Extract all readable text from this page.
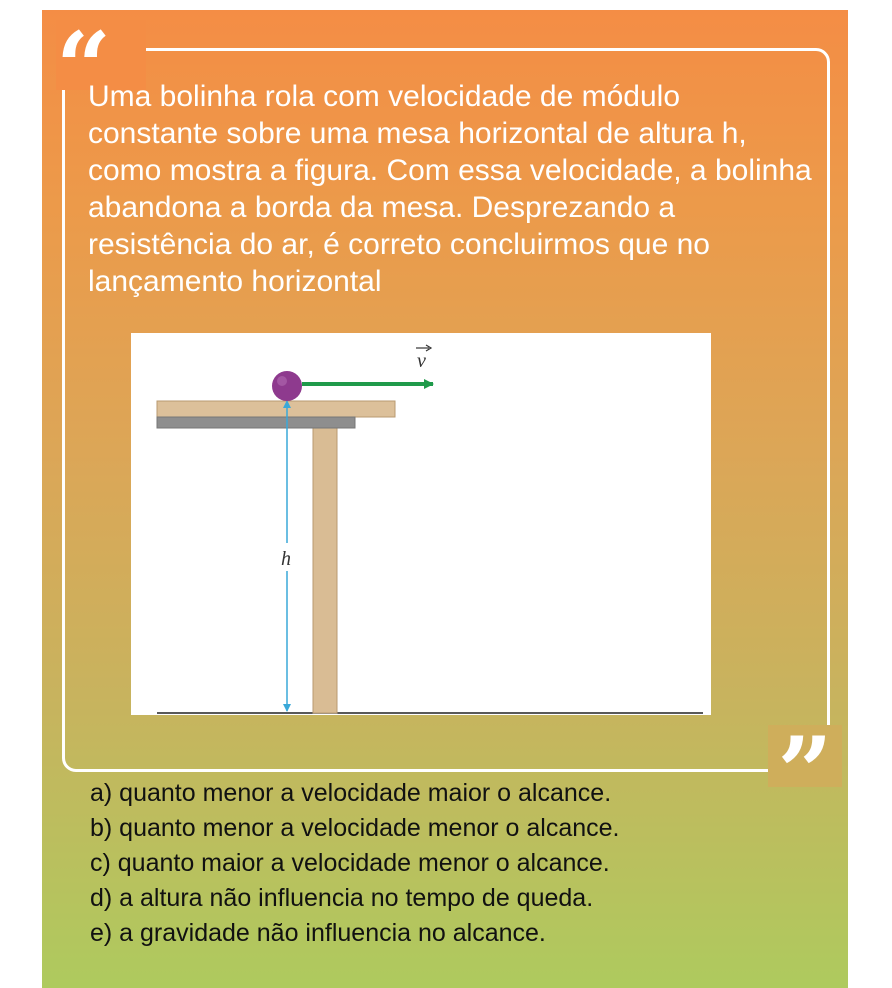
“
”
Uma bolinha rola com velocidade de módulo constante sobre uma mesa horizontal de altura h, como mostra a figura. Com essa velocidade, a bolinha abandona a borda da mesa. Desprezando a resistência do ar, é correto concluirmos que no lançamento horizontal
h
v
a) quanto menor a velocidade maior o alcance.
b) quanto menor a velocidade menor o alcance.
c) quanto maior a velocidade menor o alcance.
d) a altura não influencia no tempo de queda.
e) a gravidade não influencia no alcance.
